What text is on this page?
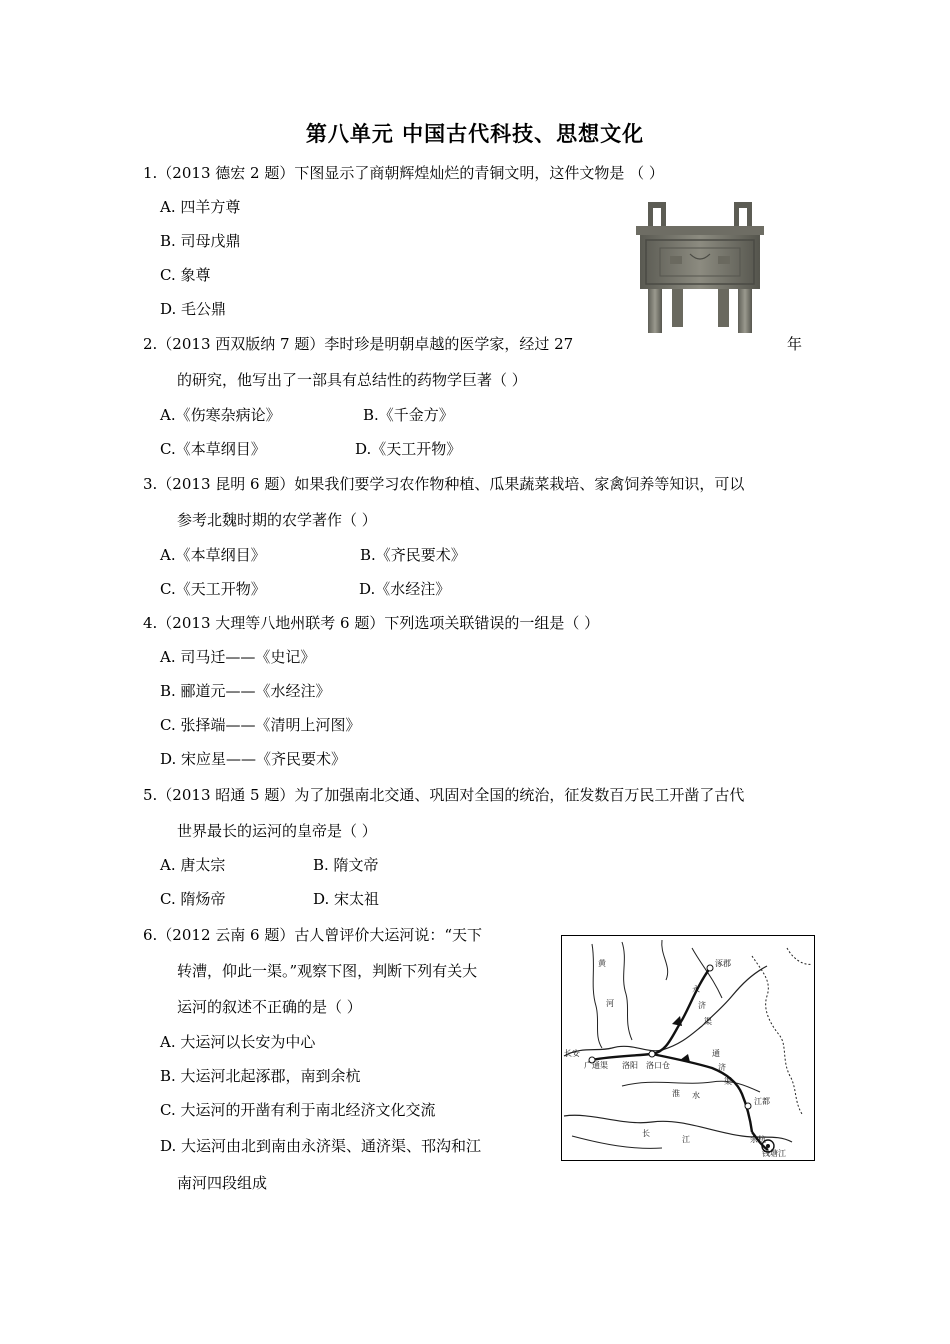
第八单元 中国古代科技、思想文化
1.（2013 德宏 2 题）下图显示了商朝辉煌灿烂的青铜文明，这件文物是 （ ）
A. 四羊方尊
B. 司母戊鼎
C. 象尊
D. 毛公鼎
2.（2013 西双版纳 7 题）李时珍是明朝卓越的医学家，经过 27	年
的研究，他写出了一部具有总结性的药物学巨著（ ）
A.《伤寒杂病论》	B.《千金方》
C.《本草纲目》	D.《天工开物》
3.（2013 昆明 6 题）如果我们要学习农作物种植、瓜果蔬菜栽培、家禽饲养等知识，可以
参考北魏时期的农学著作（ ）
A.《本草纲目》	B.《齐民要术》
C.《天工开物》	D.《水经注》
4.（2013 大理等八地州联考 6 题）下列选项关联错误的一组是（ ）
A. 司马迁——《史记》
B. 郦道元——《水经注》
C. 张择端——《清明上河图》
D. 宋应星——《齐民要术》
5.（2013 昭通 5 题）为了加强南北交通、巩固对全国的统治，征发数百万民工开凿了古代
世界最长的运河的皇帝是（ ）
A. 唐太宗	B. 隋文帝
C. 隋炀帝	D. 宋太祖
6.（2012 云南 6 题）古人曾评价大运河说：“天下
转漕，仰此一渠。”观察下图，判断下列有关大
运河的叙述不正确的是（ ）
A. 大运河以长安为中心
B. 大运河北起涿郡，南到余杭
C. 大运河的开凿有利于南北经济文化交流
D. 大运河由北到南由永济渠、通济渠、邗沟和江
南河四段组成
涿郡
永
济
渠
黄
河
长安
洛阳 洛口仓
通
济
渠
淮 水
江都
长
江	余杭
钱塘江
广通渠
